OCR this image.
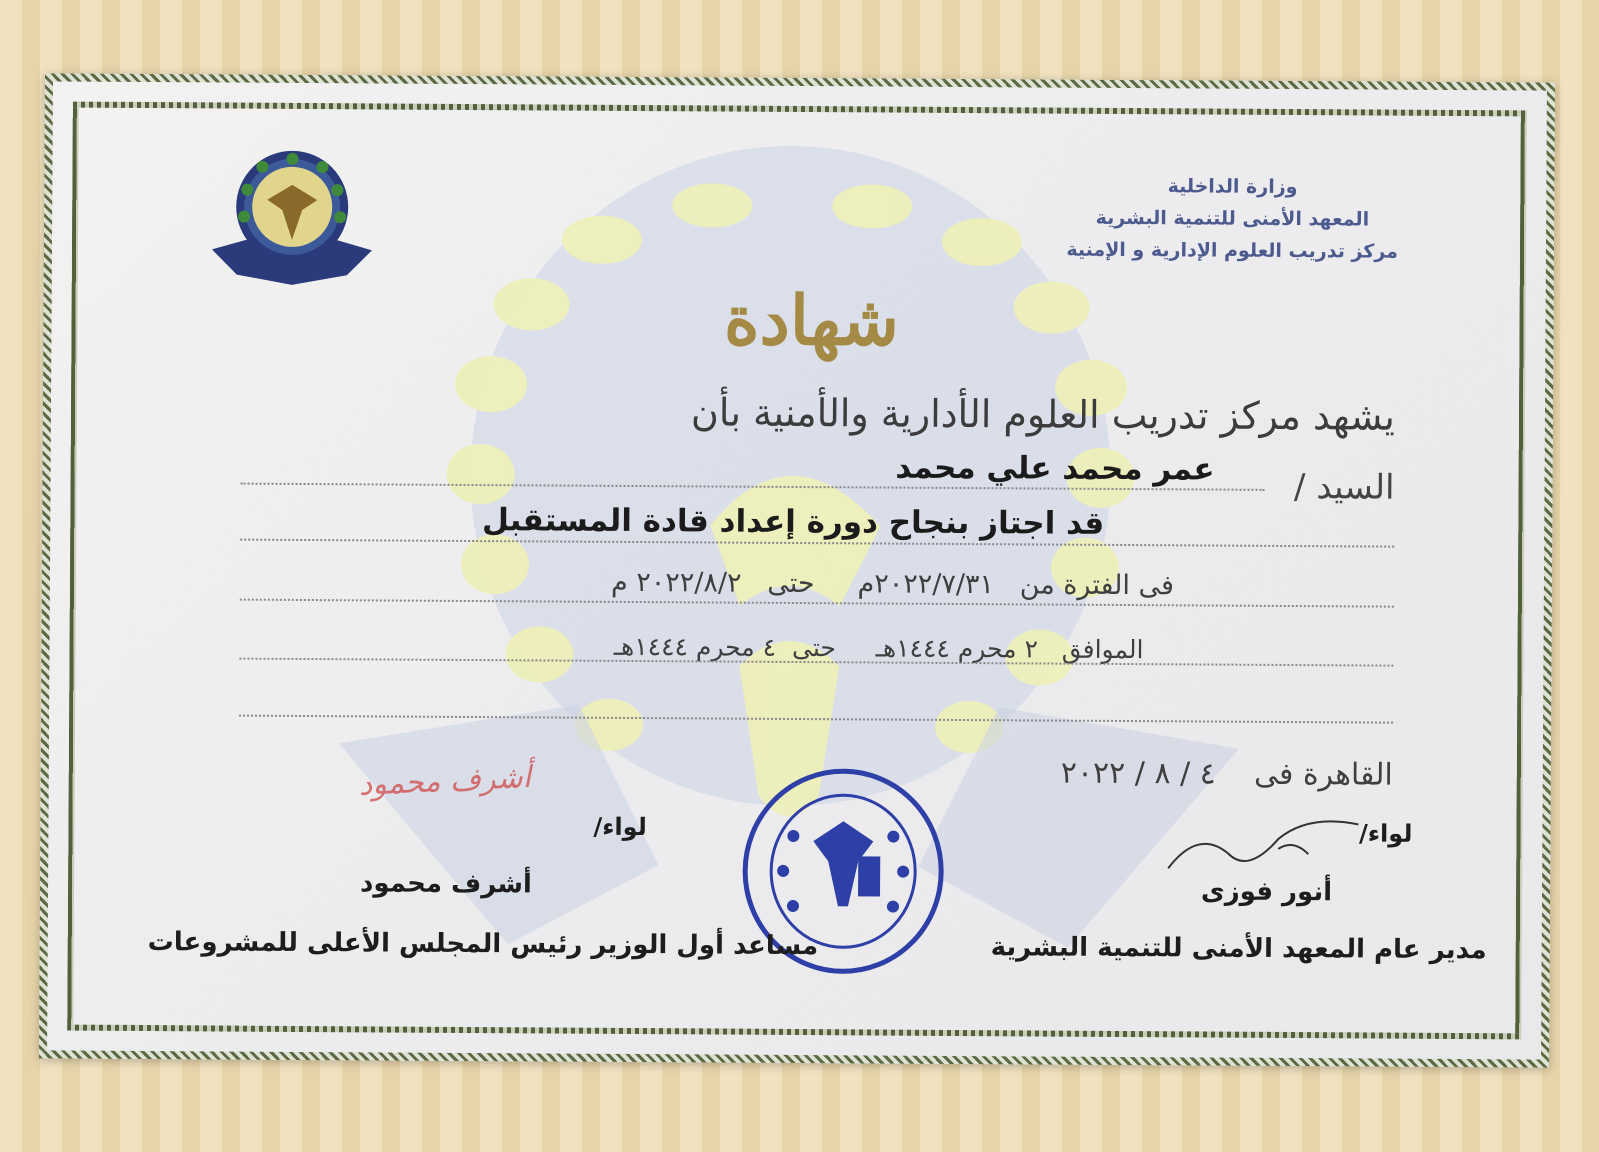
وزارة الداخلية
المعهد الأمنى للتنمية البشرية
مركز تدريب العلوم الإدارية و الإمنية
شهادة
يشهد مركز تدريب العلوم الأدارية والأمنية بأن
السيد /
عمر محمد علي محمد
قد اجتاز بنجاح دورة إعداد قادة المستقبل
فى الفترة من   ٢٠٢٢/٧/٣١م     حتى   ٢٠٢٢/٨/٢ م
الموافق   ٢ محرم ١٤٤٤هـ     حتى  ٤ محرم ١٤٤٤هـ
القاهرة فى    ٤ / ٨ / ٢٠٢٢
أشرف محمود
لواء/
أنور فوزى
مدير عام المعهد الأمنى للتنمية البشرية
لواء/
أشرف محمود
مساعد أول الوزير رئيس المجلس الأعلى للمشروعات
